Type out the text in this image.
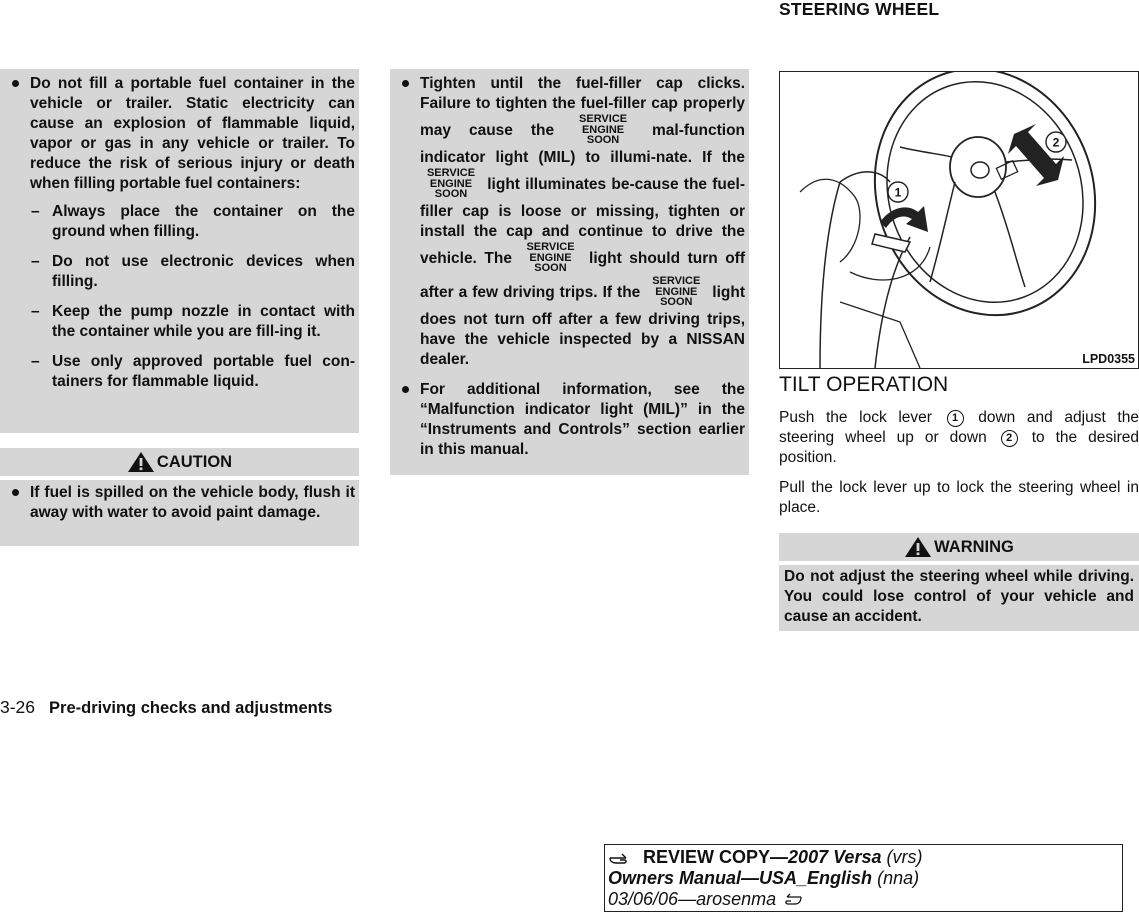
STEERING WHEEL
Do not fill a portable fuel container in the vehicle or trailer. Static electricity can cause an explosion of flammable liquid, vapor or gas in any vehicle or trailer. To reduce the risk of serious injury or death when filling portable fuel containers:
– Always place the container on the ground when filling.
– Do not use electronic devices when filling.
– Keep the pump nozzle in contact with the container while you are fill-ing it.
– Use only approved portable fuel con-tainers for flammable liquid.
CAUTION
If fuel is spilled on the vehicle body, flush it away with water to avoid paint damage.
Tighten until the fuel-filler cap clicks. Failure to tighten the fuel-filler cap properly may cause the
SERVICE
ENGINE
SOON
mal-function indicator light (MIL) to illumi-nate. If the
SERVICE
ENGINE
SOON
light illuminates be-cause the fuel-filler cap is loose or missing, tighten or install the cap and continue to drive the vehicle. The
SERVICE
ENGINE
SOON
light should turn off after a few driving trips. If the
SERVICE
ENGINE
SOON
light does not turn off after a few driving trips, have the vehicle inspected by a NISSAN dealer.
For additional information, see the “Malfunction indicator light (MIL)” in the “Instruments and Controls” section earlier in this manual.
1
2
LPD0355
TILT OPERATION
Push the lock lever 1 down and adjust the steering wheel up or down 2 to the desired position.
Pull the lock lever up to lock the steering wheel in place.
WARNING
Do not adjust the steering wheel while driving. You could lose control of your vehicle and cause an accident.
3-26 Pre-driving checks and adjustments
REVIEW COPY—2007 Versa (vrs)
Owners Manual—USA_English (nna)
03/06/06—arosenma
